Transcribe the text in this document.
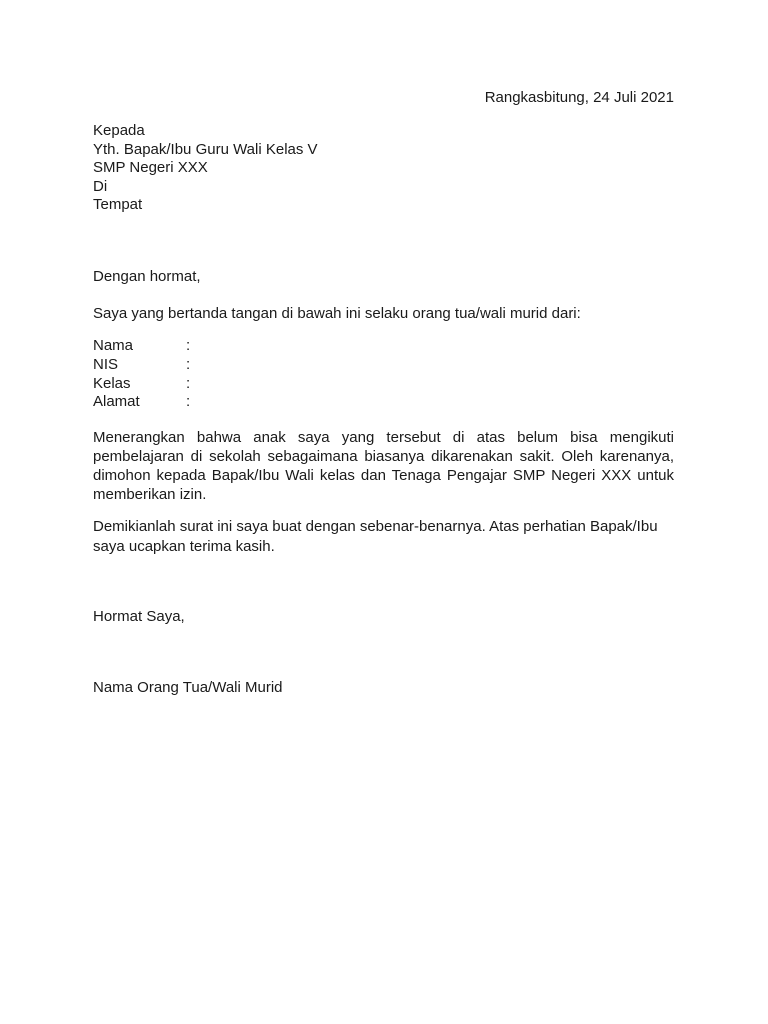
Rangkasbitung, 24 Juli 2021
Kepada
Yth. Bapak/Ibu Guru Wali Kelas V
SMP Negeri XXX
Di
Tempat
Dengan hormat,
Saya yang bertanda tangan di bawah ini selaku orang tua/wali murid dari:
Nama	:
NIS	:
Kelas	:
Alamat	:
Menerangkan bahwa anak saya yang tersebut di atas belum bisa mengikuti pembelajaran di sekolah sebagaimana biasanya dikarenakan sakit. Oleh karenanya, dimohon kepada Bapak/Ibu Wali kelas dan Tenaga Pengajar SMP Negeri XXX untuk memberikan izin.
Demikianlah surat ini saya buat dengan sebenar-benarnya. Atas perhatian Bapak/Ibu saya ucapkan terima kasih.
Hormat Saya,
Nama Orang Tua/Wali Murid
